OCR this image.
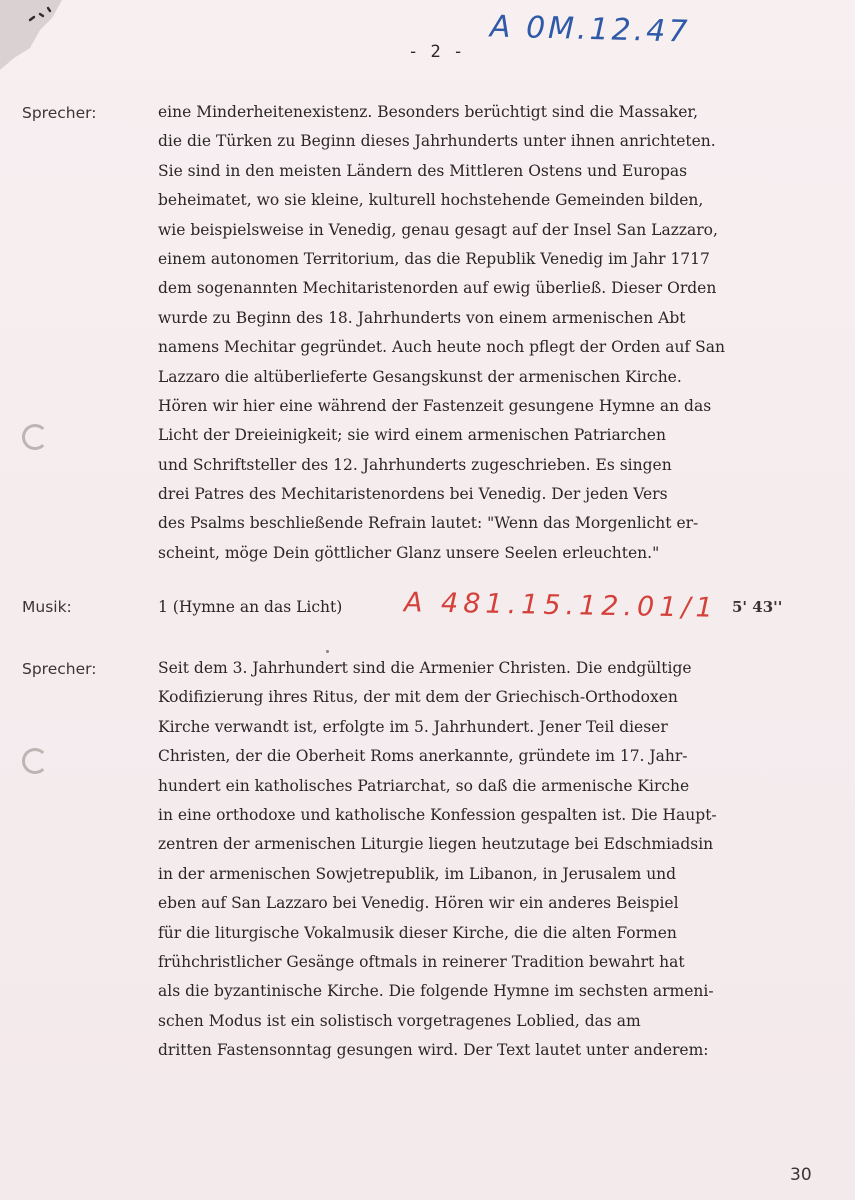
A 0M.12.47
- 2 -
Sprecher:	eine Minderheitenexistenz. Besonders berüchtigt sind die Massaker,
die die Türken zu Beginn dieses Jahrhunderts unter ihnen anrichteten.
Sie sind in den meisten Ländern des Mittleren Ostens und Europas
beheimatet, wo sie kleine, kulturell hochstehende Gemeinden bilden,
wie beispielsweise in Venedig, genau gesagt auf der Insel San Lazzaro,
einem autonomen Territorium, das die Republik Venedig im Jahr 1717
dem sogenannten Mechitaristenorden auf ewig überließ. Dieser Orden
wurde zu Beginn des 18. Jahrhunderts von einem armenischen Abt
namens Mechitar gegründet. Auch heute noch pflegt der Orden auf San
Lazzaro die altüberlieferte Gesangskunst der armenischen Kirche.
Hören wir hier eine während der Fastenzeit gesungene Hymne an das
Licht der Dreieinigkeit; sie wird einem armenischen Patriarchen
und Schriftsteller des 12. Jahrhunderts zugeschrieben. Es singen
drei Patres des Mechitaristenordens bei Venedig. Der jeden Vers
des Psalms beschließende Refrain lautet: "Wenn das Morgenlicht er-
scheint, möge Dein göttlicher Glanz unsere Seelen erleuchten."
Musik:	1 (Hymne an das Licht) A 481.15.12.01/1 5' 43''
Sprecher:	Seit dem 3. Jahrhundert sind die Armenier Christen. Die endgültige
Kodifizierung ihres Ritus, der mit dem der Griechisch-Orthodoxen
Kirche verwandt ist, erfolgte im 5. Jahrhundert. Jener Teil dieser
Christen, der die Oberheit Roms anerkannte, gründete im 17. Jahr-
hundert ein katholisches Patriarchat, so daß die armenische Kirche
in eine orthodoxe und katholische Konfession gespalten ist. Die Haupt-
zentren der armenischen Liturgie liegen heutzutage bei Edschmiadsin
in der armenischen Sowjetrepublik, im Libanon, in Jerusalem und
eben auf San Lazzaro bei Venedig. Hören wir ein anderes Beispiel
für die liturgische Vokalmusik dieser Kirche, die die alten Formen
frühchristlicher Gesänge oftmals in reinerer Tradition bewahrt hat
als die byzantinische Kirche. Die folgende Hymne im sechsten armeni-
schen Modus ist ein solistisch vorgetragenes Loblied, das am
dritten Fastensonntag gesungen wird. Der Text lautet unter anderem:
30
